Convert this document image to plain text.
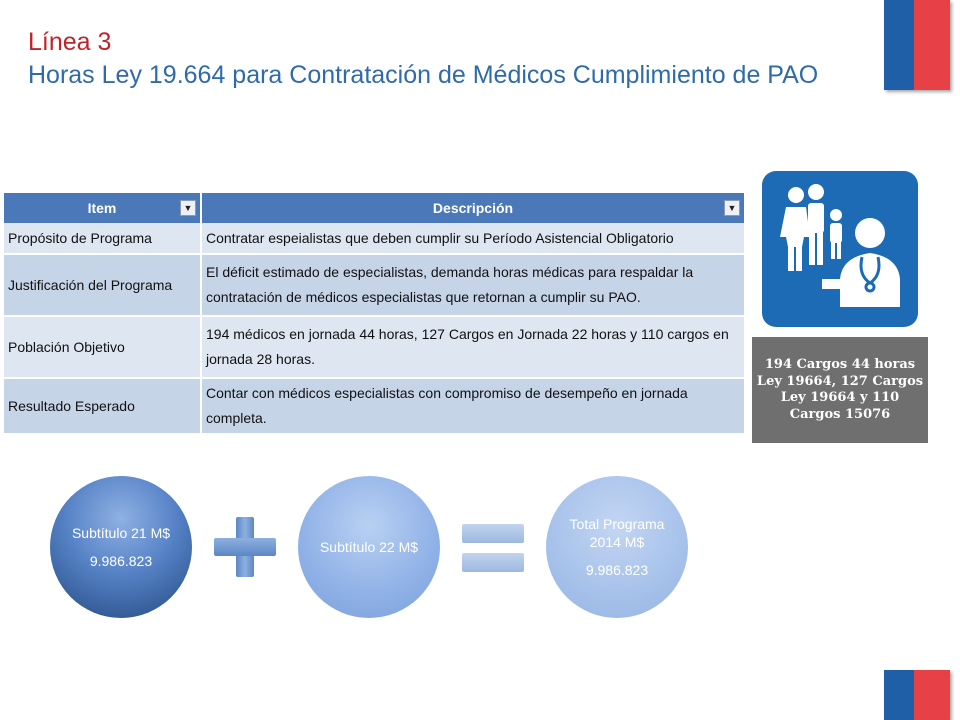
Línea 3
Horas Ley 19.664 para Contratación de Médicos Cumplimiento de PAO
Item ▼	Descripción ▼

Propósito de Programa	Contratar espeialistas que deben cumplir su Período Asistencial Obligatorio
Justificación del Programa	El déficit estimado de especialistas, demanda horas médicas para respaldar la contratación de médicos especialistas que retornan a cumplir su PAO.
Población Objetivo	194 médicos en jornada 44 horas, 127 Cargos en Jornada 22 horas y 110 cargos en jornada 28 horas.
Resultado Esperado	Contar con médicos especialistas con compromiso de desempeño en jornada completa.
194 Cargos 44 horas Ley 19664, 127 Cargos Ley 19664 y 110 Cargos 15076
Subtítulo 21 M$
9.986.823
Subtítulo 22 M$
Total Programa 2014 M$
9.986.823
